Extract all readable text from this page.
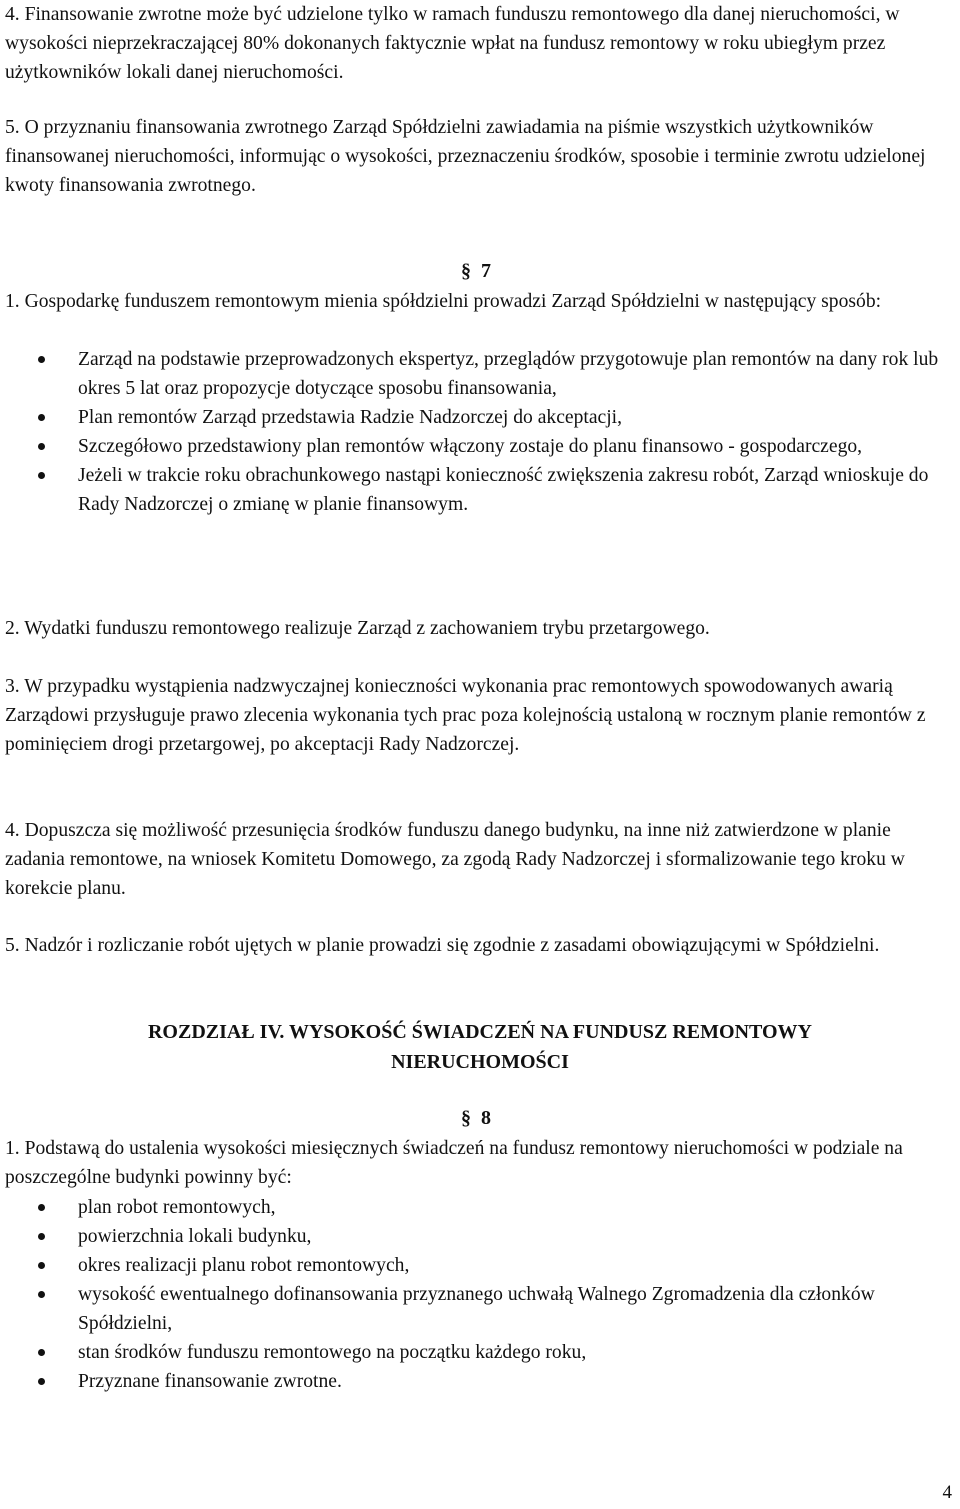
4. Finansowanie zwrotne może być udzielone tylko w ramach funduszu remontowego dla danej nieruchomości, w wysokości nieprzekraczającej 80% dokonanych faktycznie wpłat na fundusz remontowy w roku ubiegłym przez użytkowników lokali danej nieruchomości.

5. O przyznaniu finansowania zwrotnego Zarząd Spółdzielni zawiadamia na piśmie wszystkich użytkowników finansowanej nieruchomości, informując o wysokości, przeznaczeniu środków, sposobie i terminie zwrotu udzielonej kwoty finansowania zwrotnego.

§ 7

1. Gospodarkę funduszem remontowym mienia spółdzielni prowadzi Zarząd Spółdzielni w następujący sposób:

Zarząd na podstawie przeprowadzonych ekspertyz, przeglądów przygotowuje plan remontów na dany rok lub okres 5 lat oraz propozycje dotyczące sposobu finansowania,
Plan remontów Zarząd przedstawia Radzie Nadzorczej do akceptacji,
Szczegółowo przedstawiony plan remontów włączony zostaje do planu finansowo - gospodarczego,
Jeżeli w trakcie roku obrachunkowego nastąpi konieczność zwiększenia zakresu robót, Zarząd wnioskuje do Rady Nadzorczej o zmianę w planie finansowym.

2. Wydatki funduszu remontowego realizuje Zarząd z zachowaniem trybu przetargowego.

3. W przypadku wystąpienia nadzwyczajnej konieczności wykonania prac remontowych spowodowanych awarią Zarządowi przysługuje prawo zlecenia wykonania tych prac poza kolejnością ustaloną w rocznym planie remontów z pominięciem drogi przetargowej, po akceptacji Rady Nadzorczej.

4. Dopuszcza się możliwość przesunięcia środków funduszu danego budynku, na inne niż zatwierdzone w planie zadania remontowe, na wniosek Komitetu Domowego, za zgodą Rady Nadzorczej i sformalizowanie tego kroku w korekcie planu.

5. Nadzór i rozliczanie robót ujętych w planie prowadzi się zgodnie z zasadami obowiązującymi w Spółdzielni.

ROZDZIAŁ IV. WYSOKOŚĆ ŚWIADCZEŃ NA FUNDUSZ REMONTOWY

NIERUCHOMOŚCI

§ 8

1. Podstawą do ustalenia wysokości miesięcznych świadczeń na fundusz remontowy nieruchomości w podziale na poszczególne budynki powinny być:

plan robot remontowych,
powierzchnia lokali budynku,
okres realizacji planu robot remontowych,
wysokość ewentualnego dofinansowania przyznanego uchwałą Walnego Zgromadzenia dla członków Spółdzielni,
stan środków funduszu remontowego na początku każdego roku,
Przyznane finansowanie zwrotne.

4
